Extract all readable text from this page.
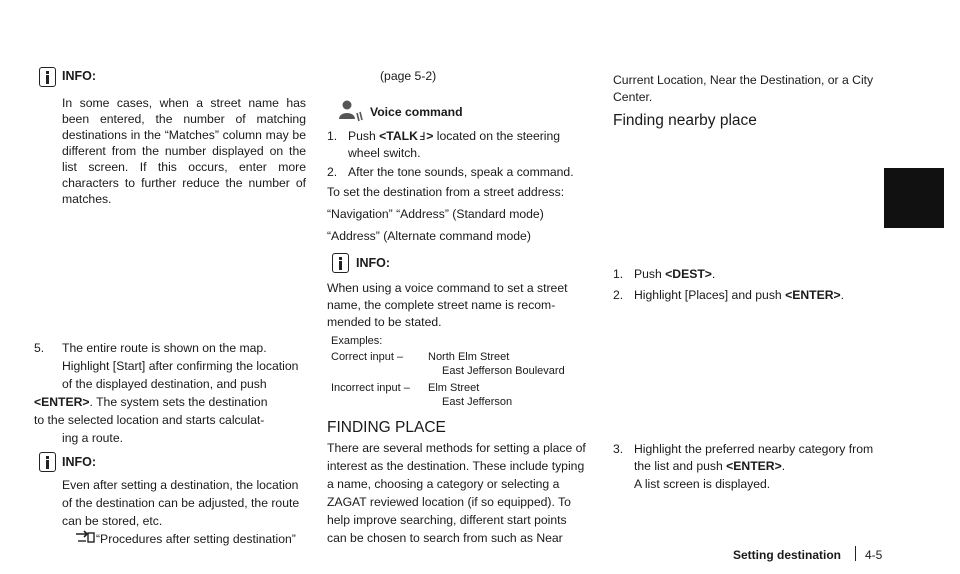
INFO:
In some cases, when a street name has been entered, the number of matching destinations in the “Matches” column may be different from the number displayed on the list screen. If this occurs, enter more characters to further reduce the number of matches.
5. The entire route is shown on the map.
Highlight [Start] after confirming the location
of the displayed destination, and push
<ENTER>. The system sets the destination
to the selected location and starts calculat-
ing a route.
INFO:
Even after setting a destination, the location
of the destination can be adjusted, the route
can be stored, etc.
“Procedures after setting destination”
(page 5-2)
Voice command
1. Push <TALKℲ> located on the steering
wheel switch.
2. After the tone sounds, speak a command.
To set the destination from a street address:
“Navigation” “Address” (Standard mode)
“Address” (Alternate command mode)
INFO:
When using a voice command to set a street
name, the complete street name is recom-
mended to be stated.
Examples:
Correct input – North Elm Street
East Jefferson Boulevard
Incorrect input – Elm Street
East Jefferson
FINDING PLACE
There are several methods for setting a place of
interest as the destination. These include typing
a name, choosing a category or selecting a
ZAGAT reviewed location (if so equipped). To
help improve searching, different start points
can be chosen to search from such as Near
Current Location, Near the Destination, or a City
Center.
Finding nearby place
1. Push <DEST>.
2. Highlight [Places] and push <ENTER>.
3. Highlight the preferred nearby category from
the list and push <ENTER>.
A list screen is displayed.
Setting destination 4-5
